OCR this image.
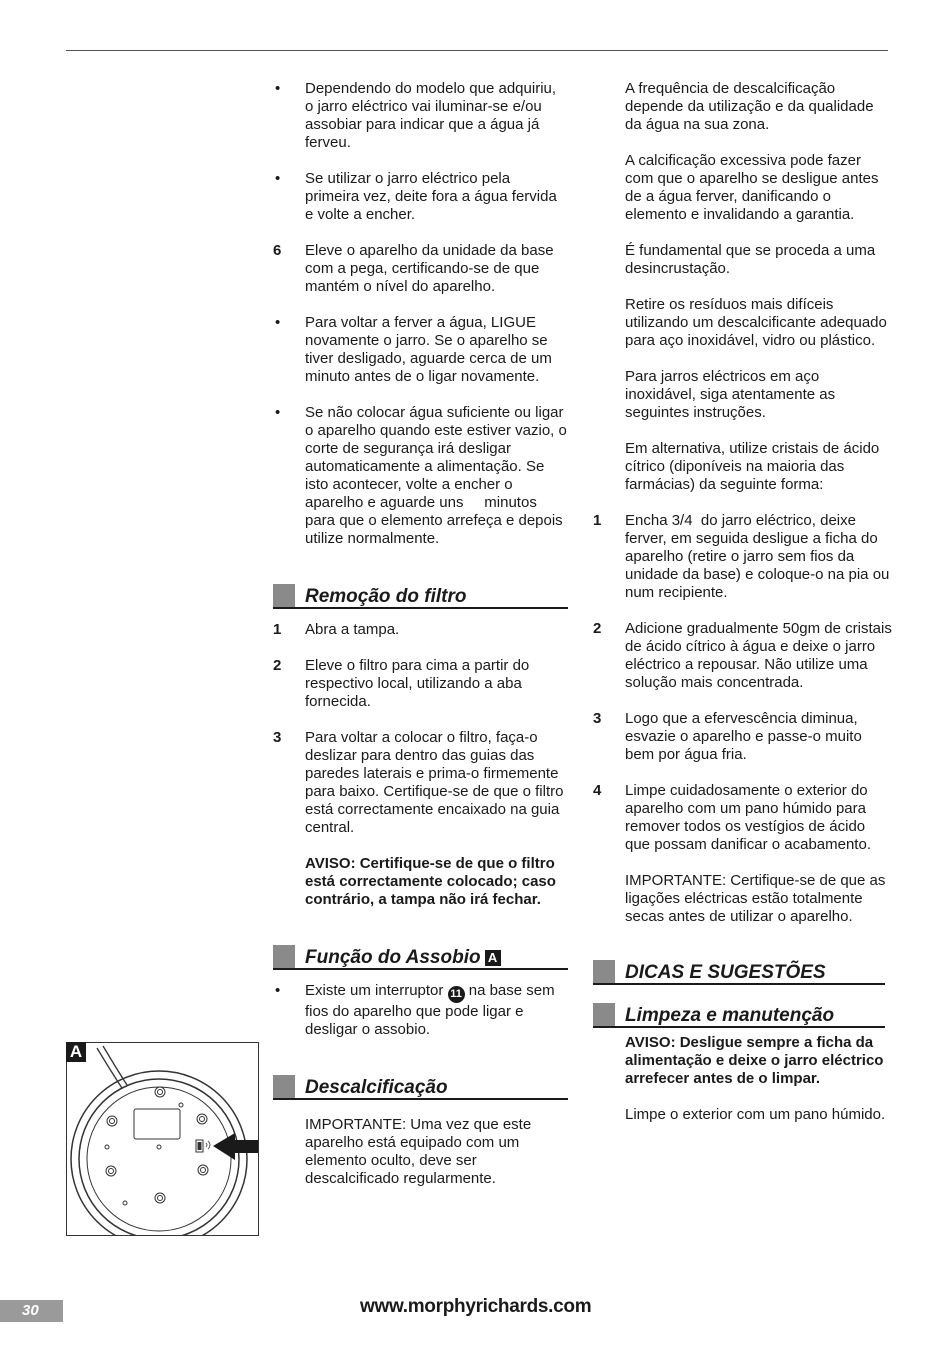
• Dependendo do modelo que adquiriu, o jarro eléctrico vai iluminar-se e/ou assobiar para indicar que a água já ferveu.
• Se utilizar o jarro eléctrico pela primeira vez, deite fora a água fervida e volte a encher.
6 Eleve o aparelho da unidade da base com a pega, certificando-se de que mantém o nível do aparelho.
• Para voltar a ferver a água, LIGUE novamente o jarro. Se o aparelho se tiver desligado, aguarde cerca de um minuto antes de o ligar novamente.
• Se não colocar água suficiente ou ligar o aparelho quando este estiver vazio, o corte de segurança irá desligar automaticamente a alimentação. Se isto acontecer, volte a encher o aparelho e aguarde uns     minutos para que o elemento arrefeça e depois utilize normalmente.
Remoção do filtro
1 Abra a tampa.
2 Eleve o filtro para cima a partir do respectivo local, utilizando a aba fornecida.
3 Para voltar a colocar o filtro, faça-o deslizar para dentro das guias das paredes laterais e prima-o firmemente para baixo. Certifique-se de que o filtro está correctamente encaixado na guia central.
AVISO: Certifique-se de que o filtro está correctamente colocado; caso contrário, a tampa não irá fechar.
Função do Assobio A
• Existe um interruptor 11 na base sem fios do aparelho que pode ligar e desligar o assobio.
Descalcificação
IMPORTANTE: Uma vez que este aparelho está equipado com um elemento oculto, deve ser descalcificado regularmente.
A frequência de descalcificação depende da utilização e da qualidade da água na sua zona.
A calcificação excessiva pode fazer com que o aparelho se desligue antes de a água ferver, danificando o elemento e invalidando a garantia.
É fundamental que se proceda a uma desincrustação.
Retire os resíduos mais difíceis utilizando um descalcificante adequado para aço inoxidável, vidro ou plástico.
Para jarros eléctricos em aço inoxidável, siga atentamente as seguintes instruções.
Em alternativa, utilize cristais de ácido cítrico (diponíveis na maioria das farmácias) da seguinte forma:
1 Encha 3/4  do jarro eléctrico, deixe ferver, em seguida desligue a ficha do aparelho (retire o jarro sem fios da unidade da base) e coloque-o na pia ou num recipiente.
2 Adicione gradualmente 50gm de cristais de ácido cítrico à água e deixe o jarro eléctrico a repousar. Não utilize uma solução mais concentrada.
3 Logo que a efervescência diminua, esvazie o aparelho e passe-o muito bem por água fria.
4 Limpe cuidadosamente o exterior do aparelho com um pano húmido para remover todos os vestígios de ácido que possam danificar o acabamento.
IMPORTANTE: Certifique-se de que as ligações eléctricas estão totalmente secas antes de utilizar o aparelho.
DICAS E SUGESTÕES
Limpeza e manutenção
AVISO: Desligue sempre a ficha da alimentação e deixe o jarro eléctrico arrefecer antes de o limpar.
Limpe o exterior com um pano húmido.
A
30	www.morphyrichards.com
